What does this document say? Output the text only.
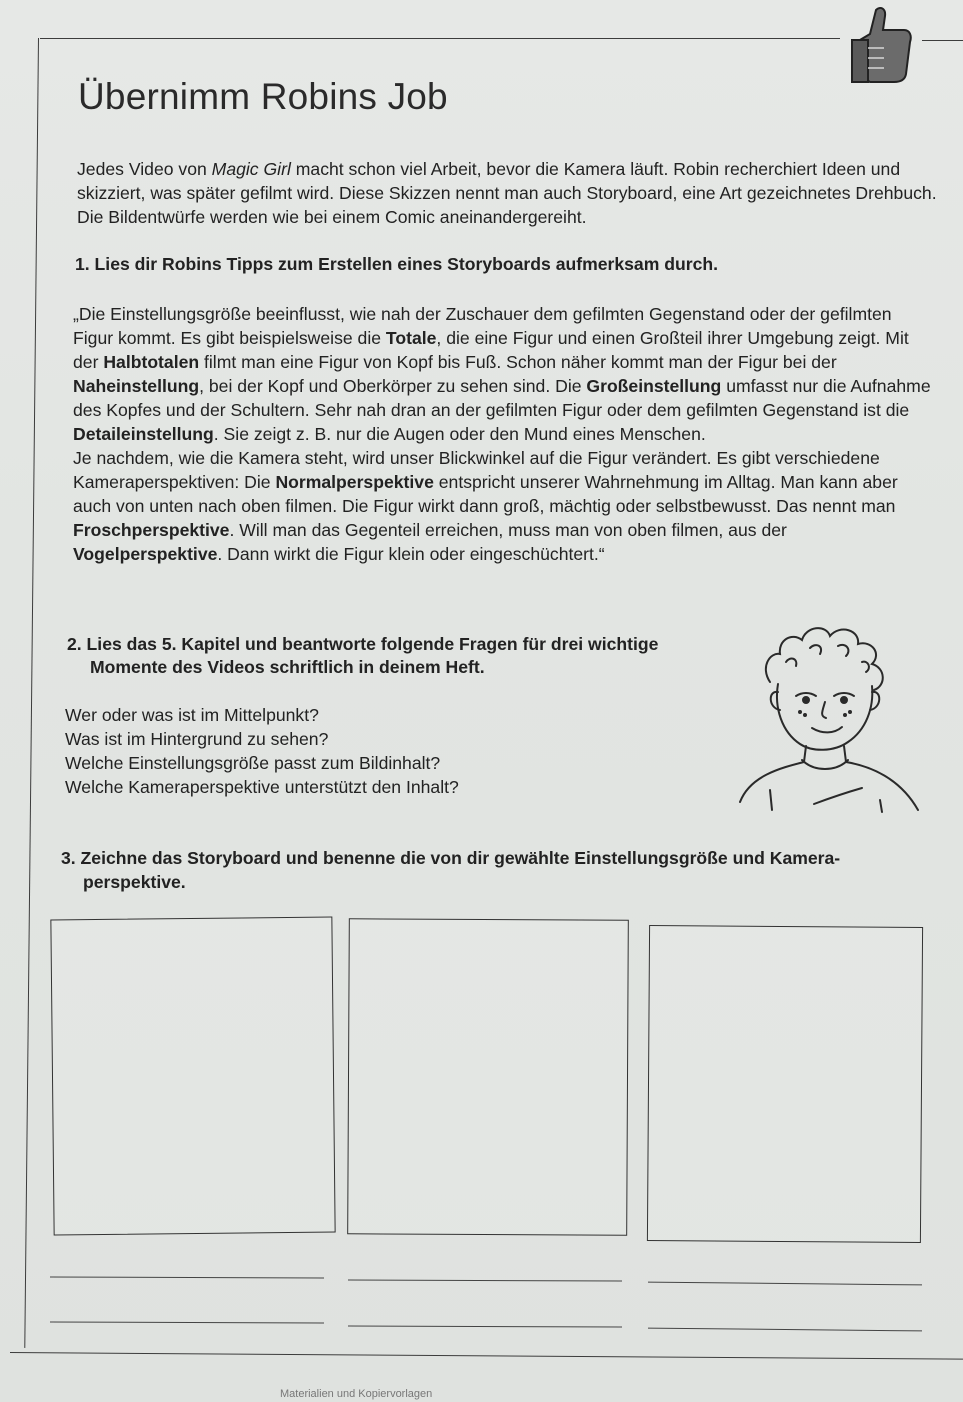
Übernimm Robins Job

Jedes Video von Magic Girl macht schon viel Arbeit, bevor die Kamera läuft. Robin recherchiert Ideen und skizziert, was später gefilmt wird. Diese Skizzen nennt man auch Storyboard, eine Art gezeichnetes Drehbuch. Die Bildentwürfe werden wie bei einem Comic aneinandergereiht.

1. Lies dir Robins Tipps zum Erstellen eines Storyboards aufmerksam durch.

„Die Einstellungsgröße beeinflusst, wie nah der Zuschauer dem gefilmten Gegenstand oder der gefilmten Figur kommt. Es gibt beispielsweise die Totale, die eine Figur und einen Großteil ihrer Umgebung zeigt. Mit der Halbtotalen filmt man eine Figur von Kopf bis Fuß. Schon näher kommt man der Figur bei der Naheinstellung, bei der Kopf und Oberkörper zu sehen sind. Die Großeinstellung umfasst nur die Aufnahme des Kopfes und der Schultern. Sehr nah dran an der gefilmten Figur oder dem gefilmten Gegenstand ist die Detaileinstellung. Sie zeigt z. B. nur die Augen oder den Mund eines Menschen.
Je nachdem, wie die Kamera steht, wird unser Blickwinkel auf die Figur verändert. Es gibt verschiedene Kameraperspektiven: Die Normalperspektive entspricht unserer Wahrnehmung im Alltag. Man kann aber auch von unten nach oben filmen. Die Figur wirkt dann groß, mächtig oder selbstbewusst. Das nennt man Froschperspektive. Will man das Gegenteil erreichen, muss man von oben filmen, aus der Vogelperspektive. Dann wirkt die Figur klein oder eingeschüchtert.“

2. Lies das 5. Kapitel und beantworte folgende Fragen für drei wichtige
Momente des Videos schriftlich in deinem Heft.
Wer oder was ist im Mittelpunkt?
Was ist im Hintergrund zu sehen?
Welche Einstellungsgröße passt zum Bildinhalt?
Welche Kameraperspektive unterstützt den Inhalt?
3. Zeichne das Storyboard und benenne die von dir gewählte Einstellungsgröße und Kamera-
perspektive.
Materialien und Kopiervorlagen
